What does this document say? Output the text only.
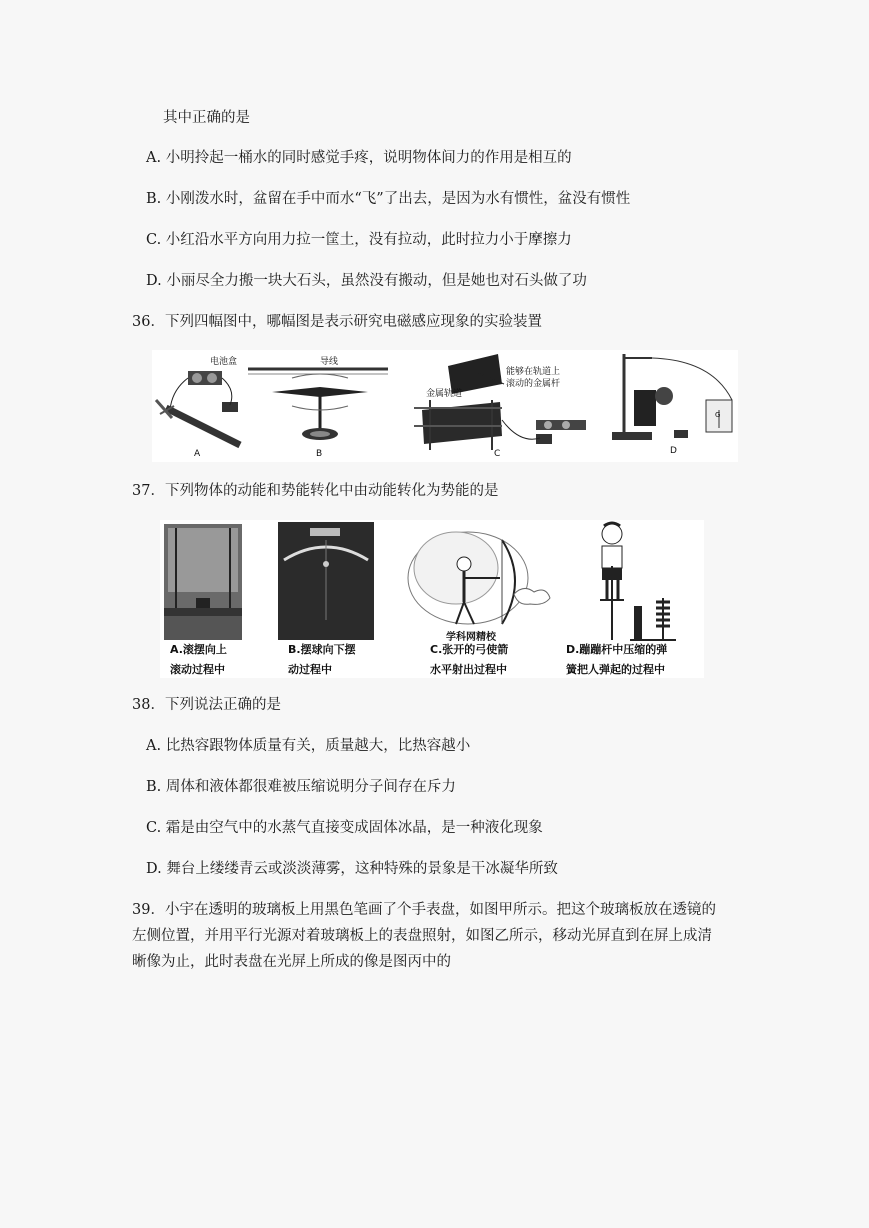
其中正确的是
A. 小明拎起一桶水的同时感觉手疼，说明物体间力的作用是相互的
B. 小刚泼水时，盆留在手中而水“飞”了出去，是因为水有惯性，盆没有惯性
C. 小红沿水平方向用力拉一筐土，没有拉动，此时拉力小于摩擦力
D. 小丽尽全力搬一块大石头，虽然没有搬动，但是她也对石头做了功
36．下列四幅图中，哪幅图是表示研究电磁感应现象的实验装置
电池盒	导线
金属轨道
能够在轨道上
滚动的金属杆
G
A	B	C	D
37．下列物体的动能和势能转化中由动能转化为势能的是
学科网精校
A.滚摆向上
滚动过程中
B.摆球向下摆
动过程中
C.张开的弓使箭
水平射出过程中
D.蹦蹦杆中压缩的弹
簧把人弹起的过程中
38．下列说法正确的是
A. 比热容跟物体质量有关，质量越大，比热容越小
B. 周体和液体都很难被压缩说明分子间存在斥力
C. 霜是由空气中的水蒸气直接变成固体冰晶，是一种液化现象
D. 舞台上缕缕青云或淡淡薄雾，这种特殊的景象是干冰凝华所致
39．小宇在透明的玻璃板上用黑色笔画了个手表盘，如图甲所示。把这个玻璃板放在透镜的
左侧位置，并用平行光源对着玻璃板上的表盘照射，如图乙所示，移动光屏直到在屏上成清
晰像为止，此时表盘在光屏上所成的像是图丙中的
